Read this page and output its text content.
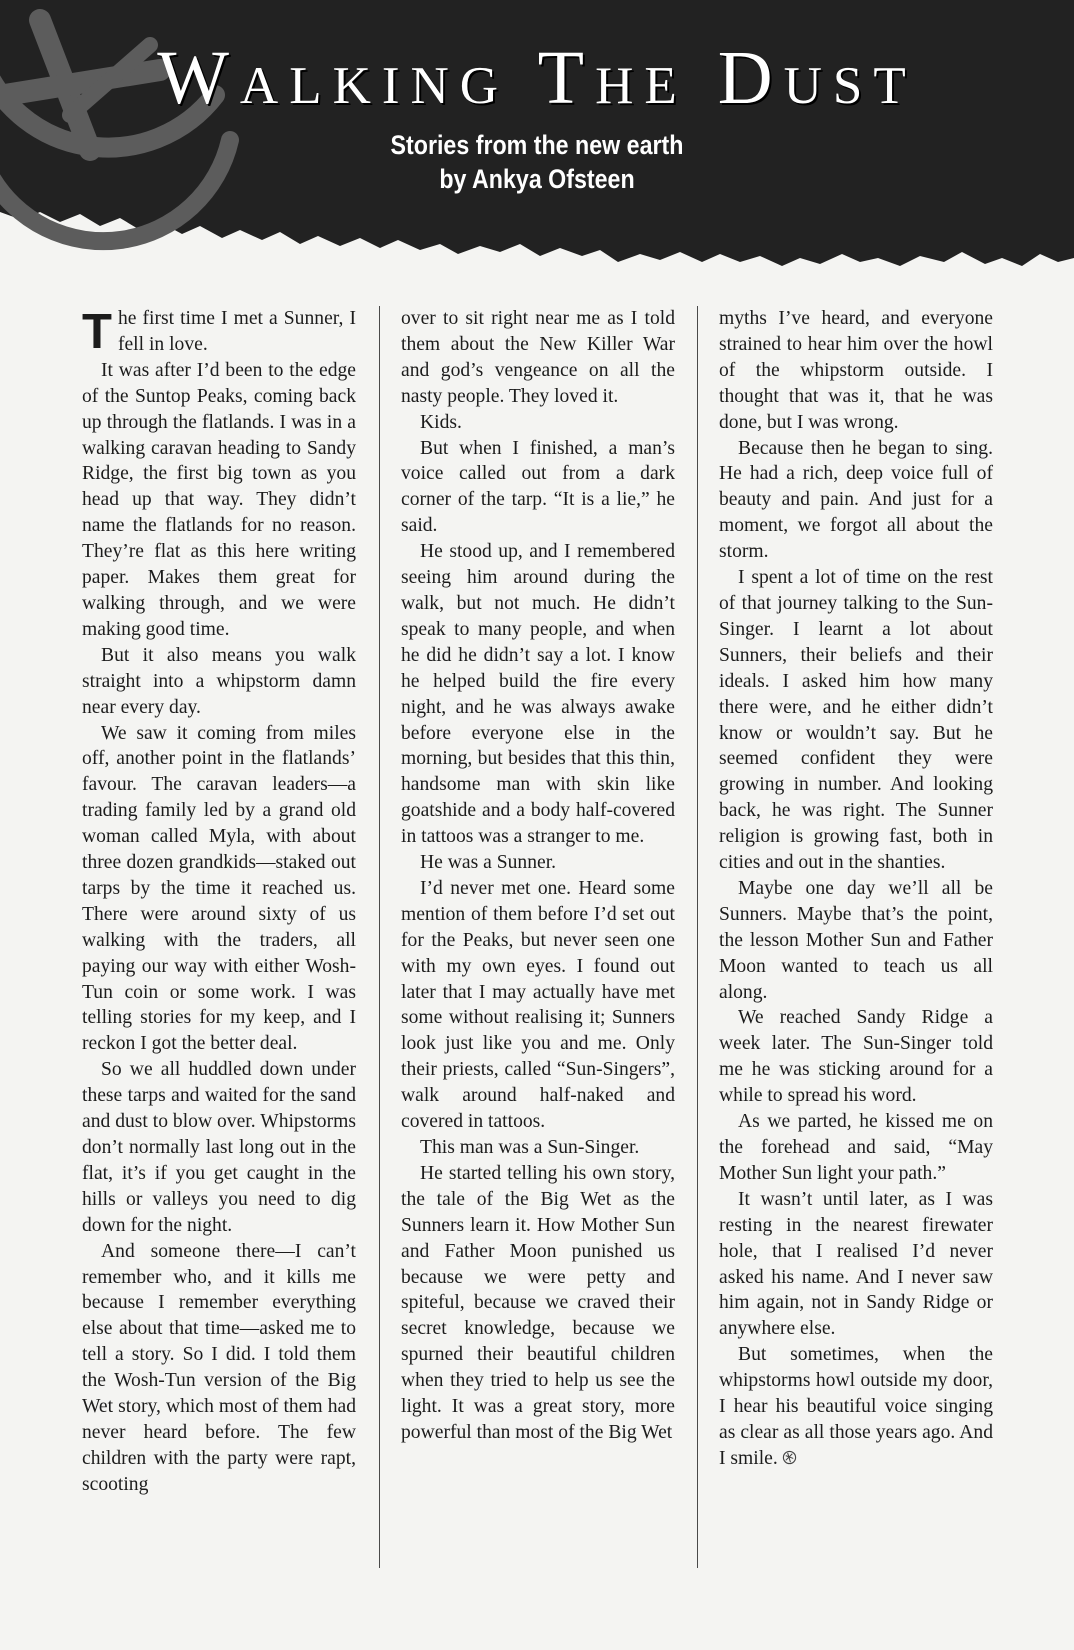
Walking The Dust
Stories from the new earth
by Ankya Ofsteen

The first time I met a Sunner, I fell in love.

It was after I’d been to the edge of the Suntop Peaks, coming back up through the flatlands. I was in a walking caravan heading to Sandy Ridge, the first big town as you head up that way. They didn’t name the flatlands for no reason. They’re flat as this here writing paper. Makes them great for walking through, and we were making good time.

But it also means you walk straight into a whipstorm damn near every day.

We saw it coming from miles off, another point in the flatlands’ favour. The caravan leaders—a trading family led by a grand old woman called Myla, with about three dozen grandkids—staked out tarps by the time it reached us. There were around sixty of us walking with the traders, all paying our way with either Wosh-Tun coin or some work. I was telling stories for my keep, and I reckon I got the better deal.

So we all huddled down under these tarps and waited for the sand and dust to blow over. Whipstorms don’t normally last long out in the flat, it’s if you get caught in the hills or valleys you need to dig down for the night.

And someone there—I can’t remember who, and it kills me because I remember everything else about that time—asked me to tell a story. So I did. I told them the Wosh-Tun version of the Big Wet story, which most of them had never heard before. The few children with the party were rapt, scooting

over to sit right near me as I told them about the New Killer War and god’s vengeance on all the nasty people. They loved it.

Kids.

But when I finished, a man’s voice called out from a dark corner of the tarp. “It is a lie,” he said.

He stood up, and I remembered seeing him around during the walk, but not much. He didn’t speak to many people, and when he did he didn’t say a lot. I know he helped build the fire every night, and he was always awake before everyone else in the morning, but besides that this thin, handsome man with skin like goatshide and a body half-covered in tattoos was a stranger to me.

He was a Sunner.

I’d never met one. Heard some mention of them before I’d set out for the Peaks, but never seen one with my own eyes. I found out later that I may actually have met some without realising it; Sunners look just like you and me. Only their priests, called “Sun-Singers”, walk around half-naked and covered in tattoos.

This man was a Sun-Singer.

He started telling his own story, the tale of the Big Wet as the Sunners learn it. How Mother Sun and Father Moon punished us because we were petty and spiteful, because we craved their secret knowledge, because we spurned their beautiful children when they tried to help us see the light. It was a great story, more powerful than most of the Big Wet

myths I’ve heard, and everyone strained to hear him over the howl of the whipstorm outside. I thought that was it, that he was done, but I was wrong.

Because then he began to sing. He had a rich, deep voice full of beauty and pain. And just for a moment, we forgot all about the storm.

I spent a lot of time on the rest of that journey talking to the Sun-Singer. I learnt a lot about Sunners, their beliefs and their ideals. I asked him how many there were, and he either didn’t know or wouldn’t say. But he seemed confident they were growing in number. And looking back, he was right. The Sunner religion is growing fast, both in cities and out in the shanties.

Maybe one day we’ll all be Sunners. Maybe that’s the point, the lesson Mother Sun and Father Moon wanted to teach us all along.

We reached Sandy Ridge a week later. The Sun-Singer told me he was sticking around for a while to spread his word.

As we parted, he kissed me on the forehead and said, “May Mother Sun light your path.”

It wasn’t until later, as I was resting in the nearest firewater hole, that I realised I’d never asked his name. And I never saw him again, not in Sandy Ridge or anywhere else.

But sometimes, when the whipstorms howl outside my door, I hear his beautiful voice singing as clear as all those years ago. And I smile.
